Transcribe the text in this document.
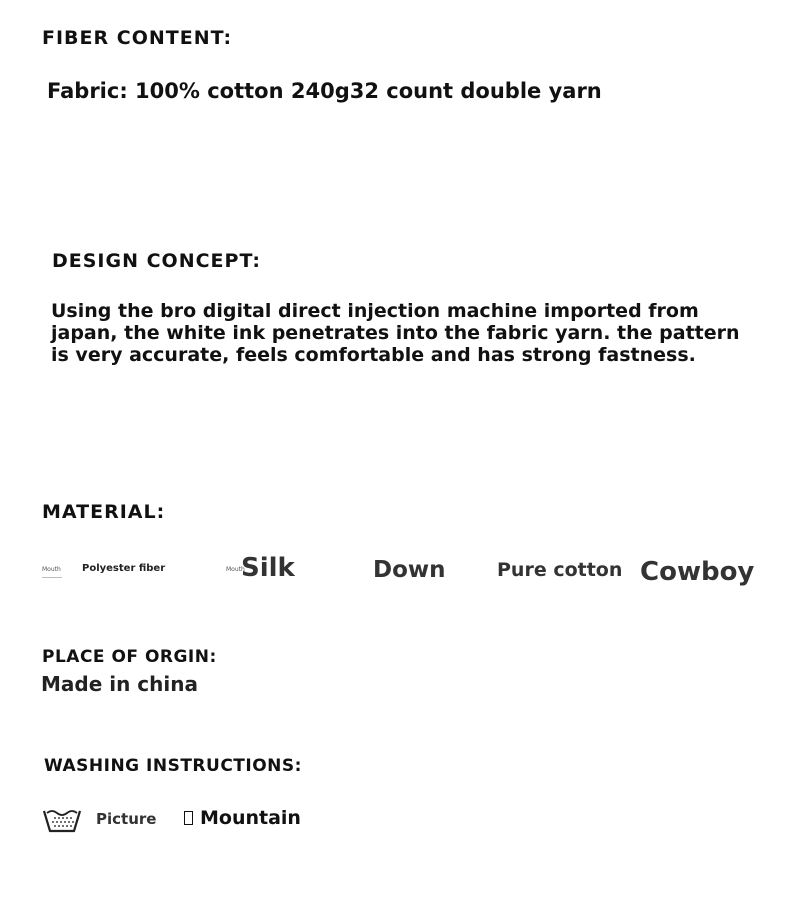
FIBER CONTENT:
Fabric: 100% cotton 240g32 count double yarn
DESIGN CONCEPT:
Using the bro digital direct injection machine imported from japan, the white ink penetrates into the fabric yarn. the pattern is very accurate, feels comfortable and has strong fastness.
MATERIAL:
Mouth Polyester fiber	Mouth
Silk	Down	Pure cotton Cowboy
PLACE OF ORGIN:
Made in china
WASHING INSTRUCTIONS:
Picture Mountain
